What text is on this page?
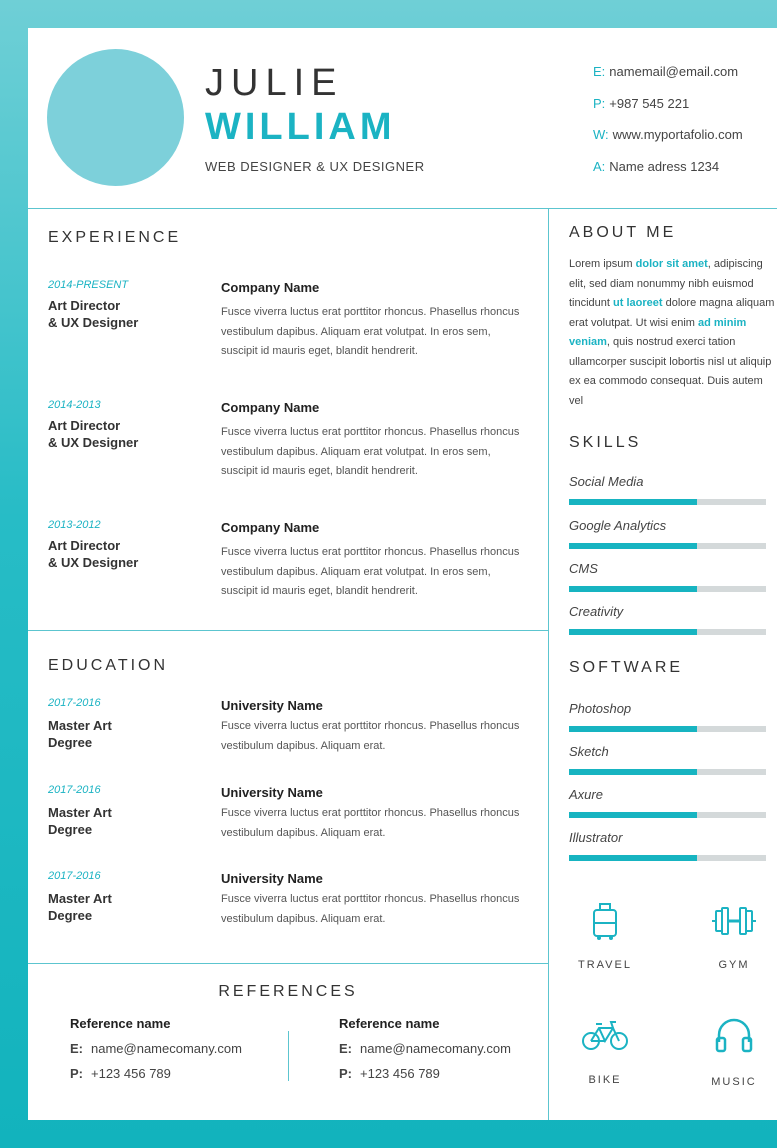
JULIE
WILLIAM
WEB DESIGNER & UX DESIGNER
E: namemail@email.com
P: +987 545 221
W: www.myportafolio.com
A: Name adress 1234
EXPERIENCE
2014-PRESENT
Art Director
& UX Designer
Company Name
Fusce viverra luctus erat porttitor rhoncus. Phasellus rhoncus vestibulum dapibus. Aliquam erat volutpat. In eros sem, suscipit id mauris eget, blandit hendrerit.
2014-2013
Art Director
& UX Designer
Company Name
Fusce viverra luctus erat porttitor rhoncus. Phasellus rhoncus vestibulum dapibus. Aliquam erat volutpat. In eros sem, suscipit id mauris eget, blandit hendrerit.
2013-2012
Art Director
& UX Designer
Company Name
Fusce viverra luctus erat porttitor rhoncus. Phasellus rhoncus vestibulum dapibus. Aliquam erat volutpat. In eros sem, suscipit id mauris eget, blandit hendrerit.
EDUCATION
2017-2016
Master Art
Degree
University Name
Fusce viverra luctus erat porttitor rhoncus. Phasellus rhoncus vestibulum dapibus. Aliquam erat.
2017-2016
Master Art
Degree
University Name
Fusce viverra luctus erat porttitor rhoncus. Phasellus rhoncus vestibulum dapibus. Aliquam erat.
2017-2016
Master Art
Degree
University Name
Fusce viverra luctus erat porttitor rhoncus. Phasellus rhoncus vestibulum dapibus. Aliquam erat.
REFERENCES
Reference name
E: name@namecomany.com
P: +123 456 789
Reference name
E: name@namecomany.com
P: +123 456 789
ABOUT ME
Lorem ipsum dolor sit amet, adipiscing elit, sed diam nonummy nibh euismod tincidunt ut laoreet dolore magna aliquam erat volutpat. Ut wisi enim ad minim veniam, quis nostrud exerci tation ullamcorper suscipit lobortis nisl ut aliquip ex ea commodo consequat. Duis autem vel
SKILLS
Social Media
Google Analytics
CMS
Creativity
SOFTWARE
Photoshop
Sketch
Axure
Illustrator
TRAVEL	GYM
BIKE	MUSIC
